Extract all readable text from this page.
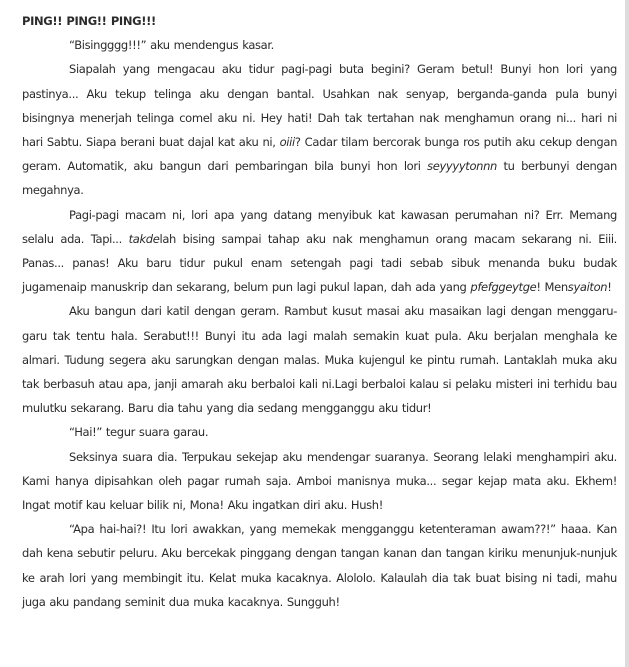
PING!! PING!! PING!!!

“Bisingggg!!!” aku mendengus kasar.

Siapalah yang mengacau aku tidur pagi-pagi buta begini? Geram betul! Bunyi hon lori yang pastinya... Aku tekup telinga aku dengan bantal. Usahkan nak senyap, berganda-ganda pula bunyi bisingnya menerjah telinga comel aku ni. Hey hati! Dah tak tertahan nak menghamun orang ni... hari ni hari Sabtu. Siapa berani buat dajal kat aku ni, oiii? Cadar tilam bercorak bunga ros putih aku cekup dengan geram. Automatik, aku bangun dari pembaringan bila bunyi hon lori seyyyytonnn tu berbunyi dengan megahnya.

Pagi-pagi macam ni, lori apa yang datang menyibuk kat kawasan perumahan ni? Err. Memang selalu ada. Tapi... takdelah bising sampai tahap aku nak menghamun orang macam sekarang ni. Eiii. Panas... panas! Aku baru tidur pukul enam setengah pagi tadi sebab sibuk menanda buku budak jugamenaip manuskrip dan sekarang, belum pun lagi pukul lapan, dah ada yang pfefggeytge! Mensyaiton!

Aku bangun dari katil dengan geram. Rambut kusut masai aku masaikan lagi dengan menggaru-garu tak tentu hala. Serabut!!! Bunyi itu ada lagi malah semakin kuat pula. Aku berjalan menghala ke almari. Tudung segera aku sarungkan dengan malas. Muka kujengul ke pintu rumah. Lantaklah muka aku tak berbasuh atau apa, janji amarah aku berbaloi kali ni.Lagi berbaloi kalau si pelaku misteri ini terhidu bau mulutku sekarang. Baru dia tahu yang dia sedang mengganggu aku tidur!

“Hai!” tegur suara garau.

Seksinya suara dia. Terpukau sekejap aku mendengar suaranya. Seorang lelaki menghampiri aku. Kami hanya dipisahkan oleh pagar rumah saja. Amboi manisnya muka... segar kejap mata aku. Ekhem! Ingat motif kau keluar bilik ni, Mona! Aku ingatkan diri aku. Hush!

“Apa hai-hai?! Itu lori awakkan, yang memekak mengganggu ketenteraman awam??!” haaa. Kan dah kena sebutir peluru. Aku bercekak pinggang dengan tangan kanan dan tangan kiriku menunjuk-nunjuk ke arah lori yang membingit itu. Kelat muka kacaknya. Alololo. Kalaulah dia tak buat bising ni tadi, mahu juga aku pandang seminit dua muka kacaknya. Sungguh!
